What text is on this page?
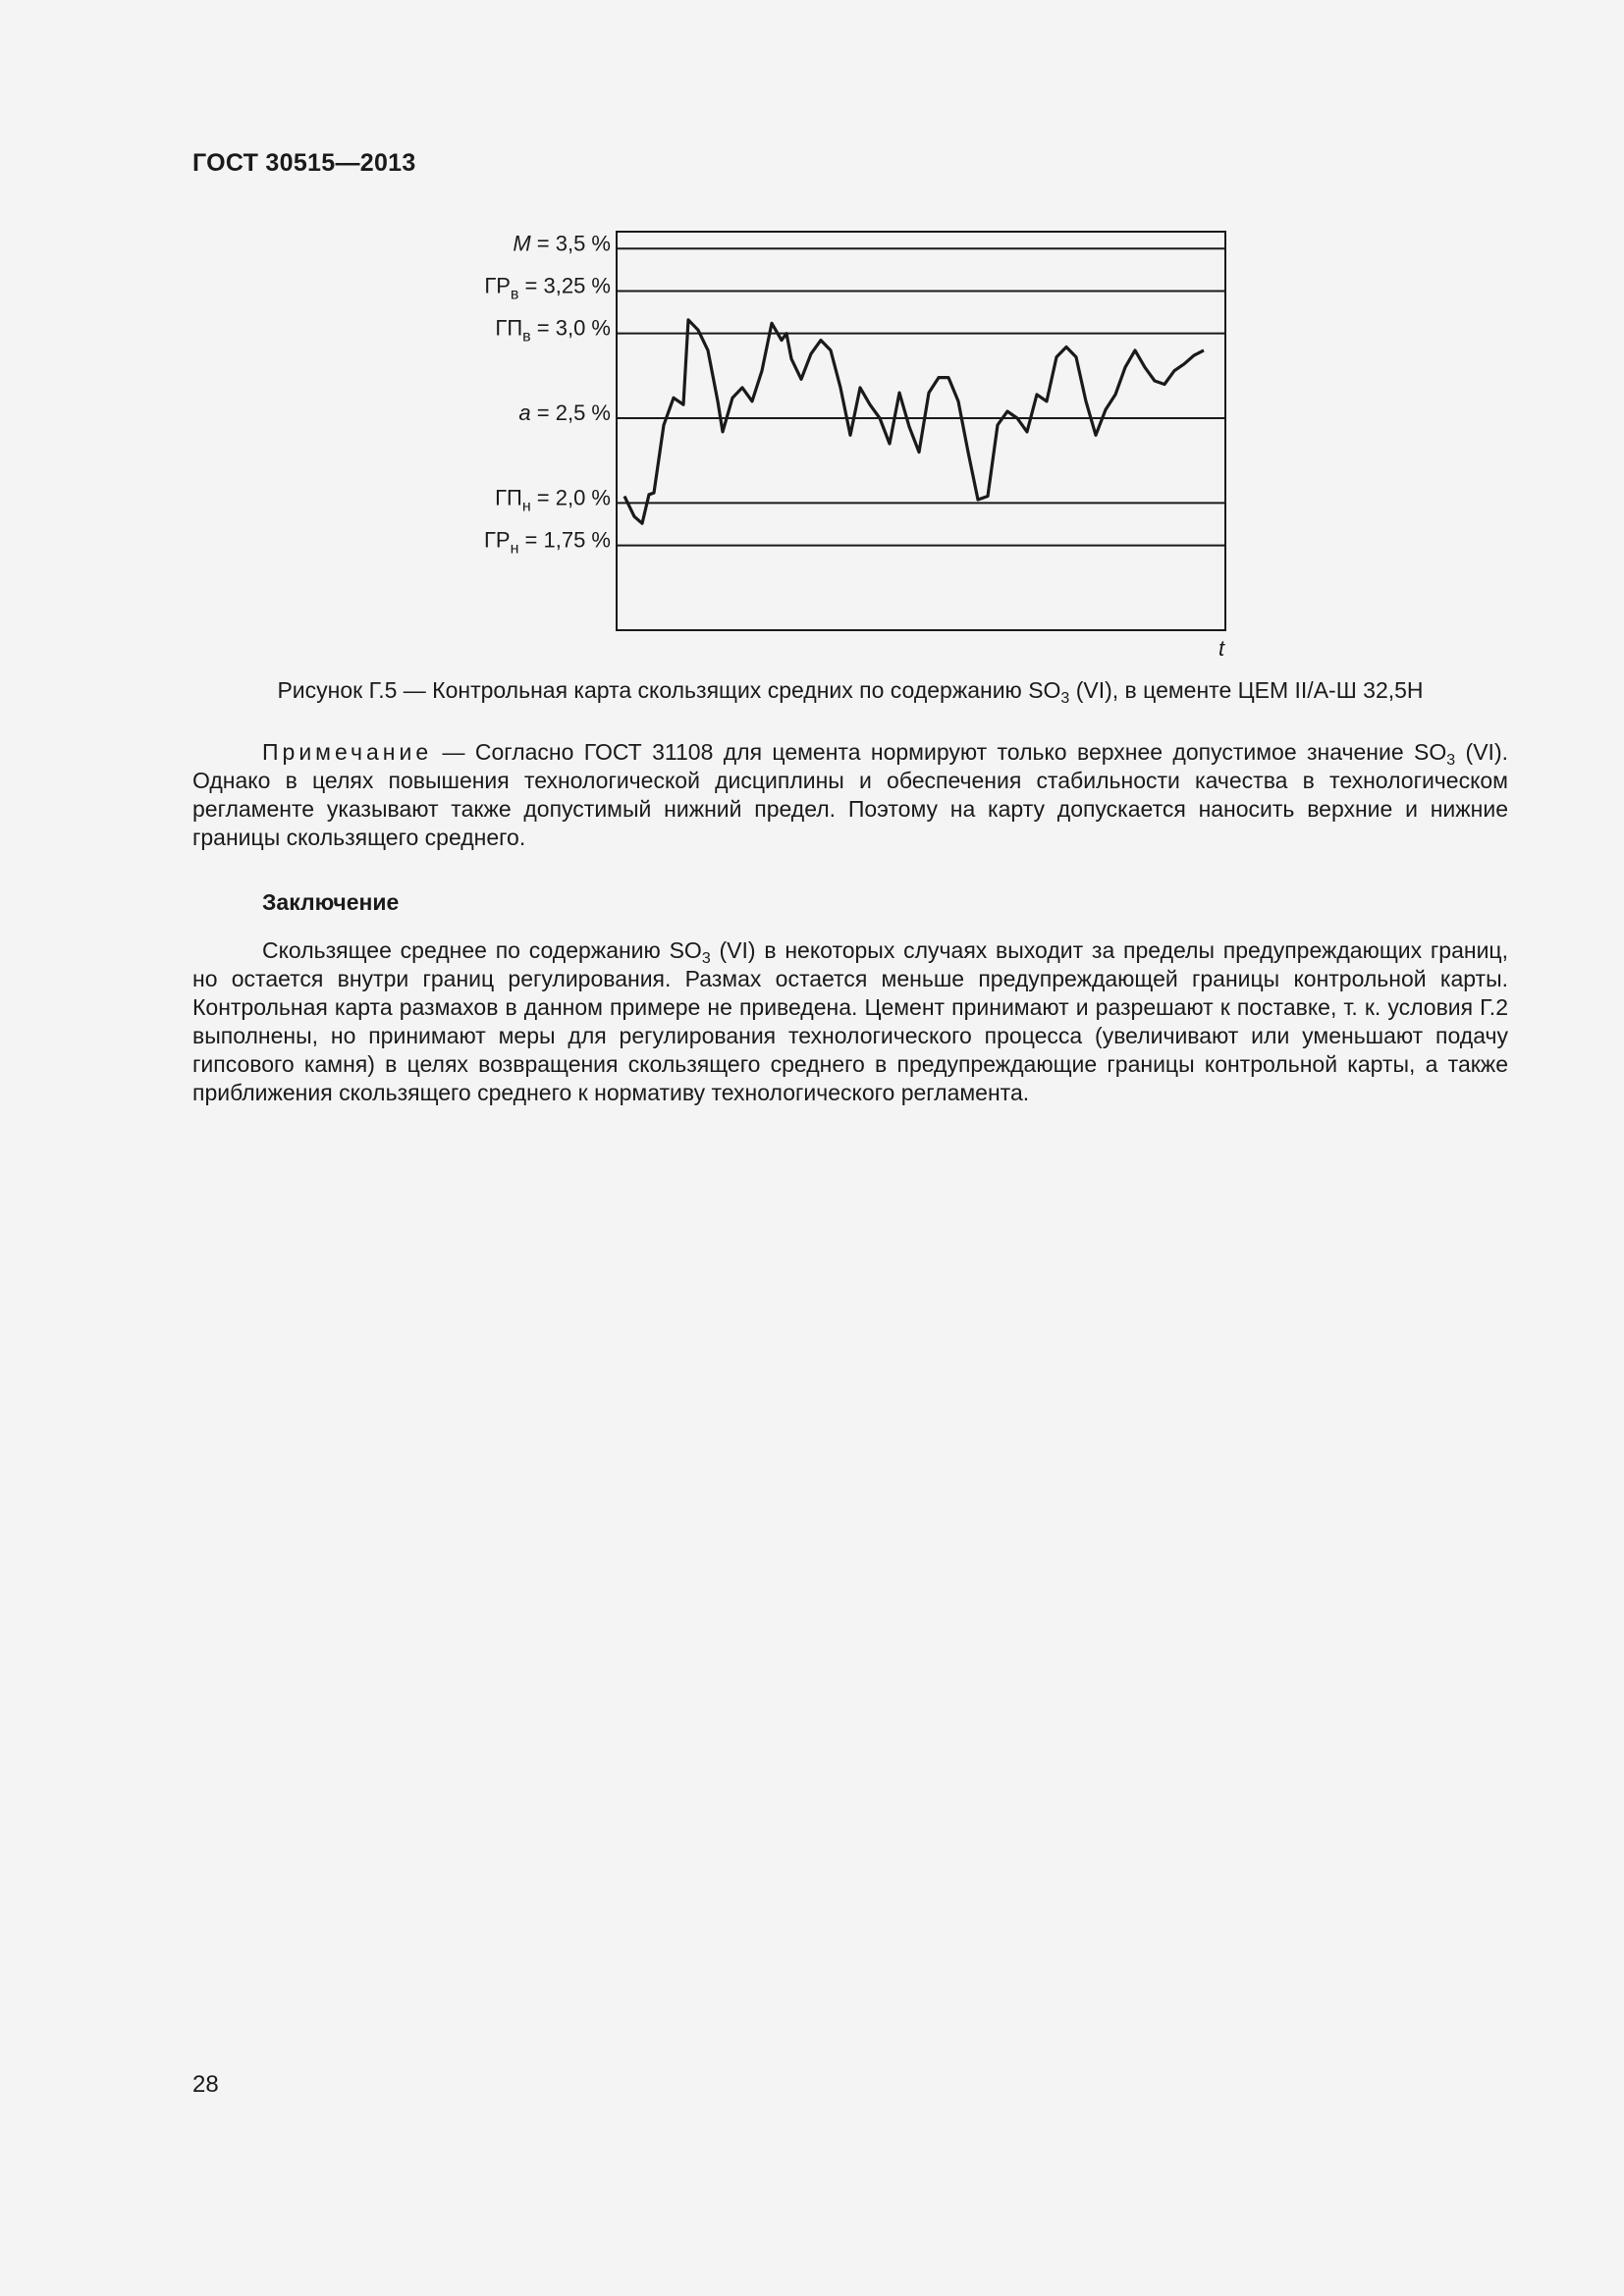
ГОСТ 30515—2013
M = 3,5 %
$ГР_в = 3,25$ %
$ГП_в = 3,0$ %
a = 2,5 %
$ГП_н = 2,0$ %
$ГР_н = 1,75$ %
t
Рисунок Г.5 — Контрольная карта скользящих средних по содержанию $SO_3$ (VI), в цементе ЦЕМ II/А-Ш 32,5Н
Примечание — Согласно ГОСТ 31108 для цемента нормируют только верхнее допустимое значение $SO_3$ (VI). Однако в целях повышения технологической дисциплины и обеспечения стабильности качества в технологическом регламенте указывают также допустимый нижний предел. Поэтому на карту допускается наносить верхние и нижние границы скользящего среднего.
Заключение
Скользящее среднее по содержанию $SO_3$ (VI) в некоторых случаях выходит за пределы предупреждающих границ, но остается внутри границ регулирования. Размах остается меньше предупреждающей границы контрольной карты. Контрольная карта размахов в данном примере не приведена. Цемент принимают и разрешают к поставке, т. к. условия Г.2 выполнены, но принимают меры для регулирования технологического процесса (увеличивают или уменьшают подачу гипсового камня) в целях возвращения скользящего среднего в предупреждающие границы контрольной карты, а также приближения скользящего среднего к нормативу технологического регламента.
28
